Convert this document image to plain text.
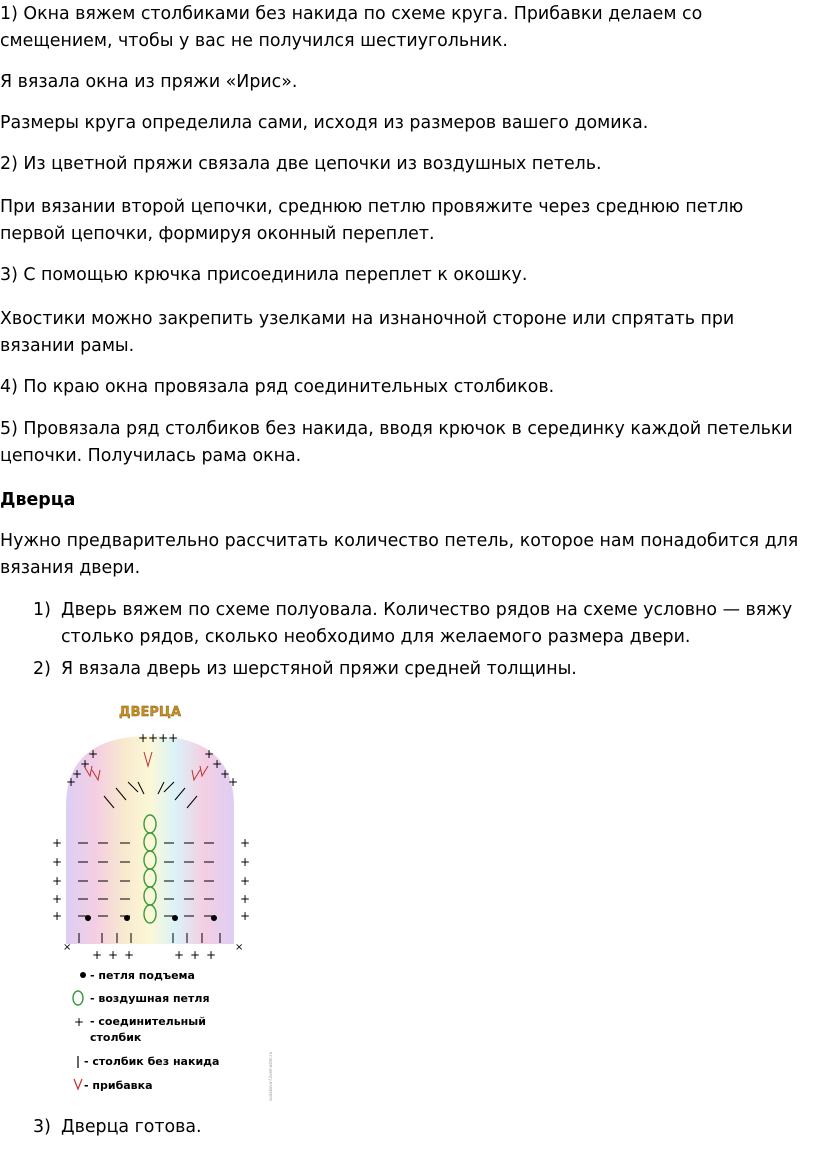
1) Окна вяжем столбиками без накида по схеме круга. Прибавки делаем со смещением, чтобы у вас не получился шестиугольник.

Я вязала окна из пряжи «Ирис».

Размеры круга определила сами, исходя из размеров вашего домика.

2) Из цветной пряжи связала две цепочки из воздушных петель.

При вязании второй цепочки, среднюю петлю провяжите через среднюю петлю первой цепочки, формируя оконный переплет.

3) С помощью крючка присоединила переплет к окошку.

Хвостики можно закрепить узелками на изнаночной стороне или спрятать при вязании рамы.

4) По краю окна провязала ряд соединительных столбиков.

5) Провязала ряд столбиков без накида, вводя крючок в серединку каждой петельки цепочки. Получилась рама окна.

Дверца

Нужно предварительно рассчитать количество петель, которое нам понадобится для вязания двери.

1) Дверь вяжем по схеме полуовала. Количество рядов на схеме условно — вяжу столько рядов, сколько необходимо для желаемого размера двери.
2) Я вязала дверь из шерстяной пряжи средней толщины.
3) Дверца готова.
ДВЕРЦА
+	+
+	+
+	+
+	+
+	+
+ + +	+ + +
++++
+
+
+
+
+
+
+
+
×	×
- петля подъема
- воздушная петля
+ - соединительный
столбик
- столбик без накида
- прибавка	sudakova-f.livemaster.ru
